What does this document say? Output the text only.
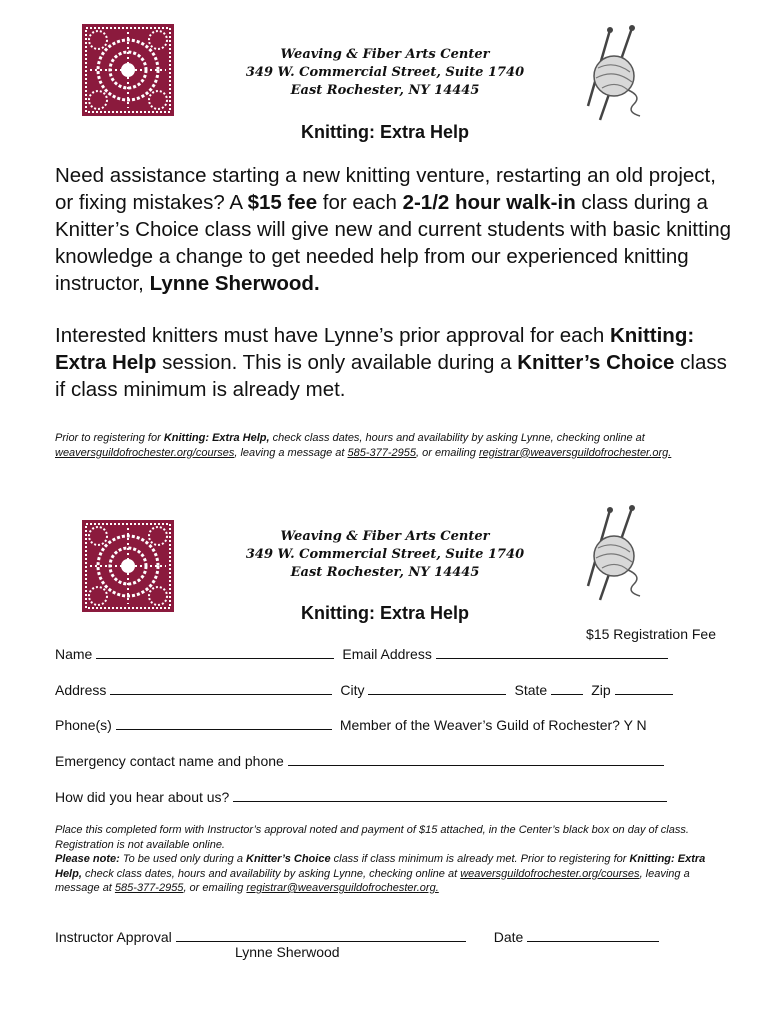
Weaving & Fiber Arts Center
349 W. Commercial Street, Suite 1740
East Rochester, NY 14445
Knitting: Extra Help
Need assistance starting a new knitting venture, restarting an old project, or fixing mistakes? A $15 fee for each 2-1/2 hour walk-in class during a Knitter’s Choice class will give new and current students with basic knitting knowledge a change to get needed help from our experienced knitting instructor, Lynne Sherwood.
Interested knitters must have Lynne’s prior approval for each Knitting: Extra Help session. This is only available during a Knitter’s Choice class if class minimum is already met.
Prior to registering for Knitting: Extra Help, check class dates, hours and availability by asking Lynne, checking online at weaversguildofrochester.org/courses, leaving a message at 585-377-2955, or emailing registrar@weaversguildofrochester.org.
Weaving & Fiber Arts Center
349 W. Commercial Street, Suite 1740
East Rochester, NY 14445
Knitting: Extra Help
$15 Registration Fee
Name	Email Address
Address	City	State	Zip
Phone(s)	Member of the Weaver’s Guild of Rochester? Y N
Emergency contact name and phone
How did you hear about us?
Place this completed form with Instructor’s approval noted and payment of $15 attached, in the Center’s black box on day of class. Registration is not available online.
Please note: To be used only during a Knitter’s Choice class if class minimum is already met. Prior to registering for Knitting: Extra Help, check class dates, hours and availability by asking Lynne, checking online at weaversguildofrochester.org/courses, leaving a message at 585-377-2955, or emailing registrar@weaversguildofrochester.org.
Instructor Approval	Date
Lynne Sherwood
